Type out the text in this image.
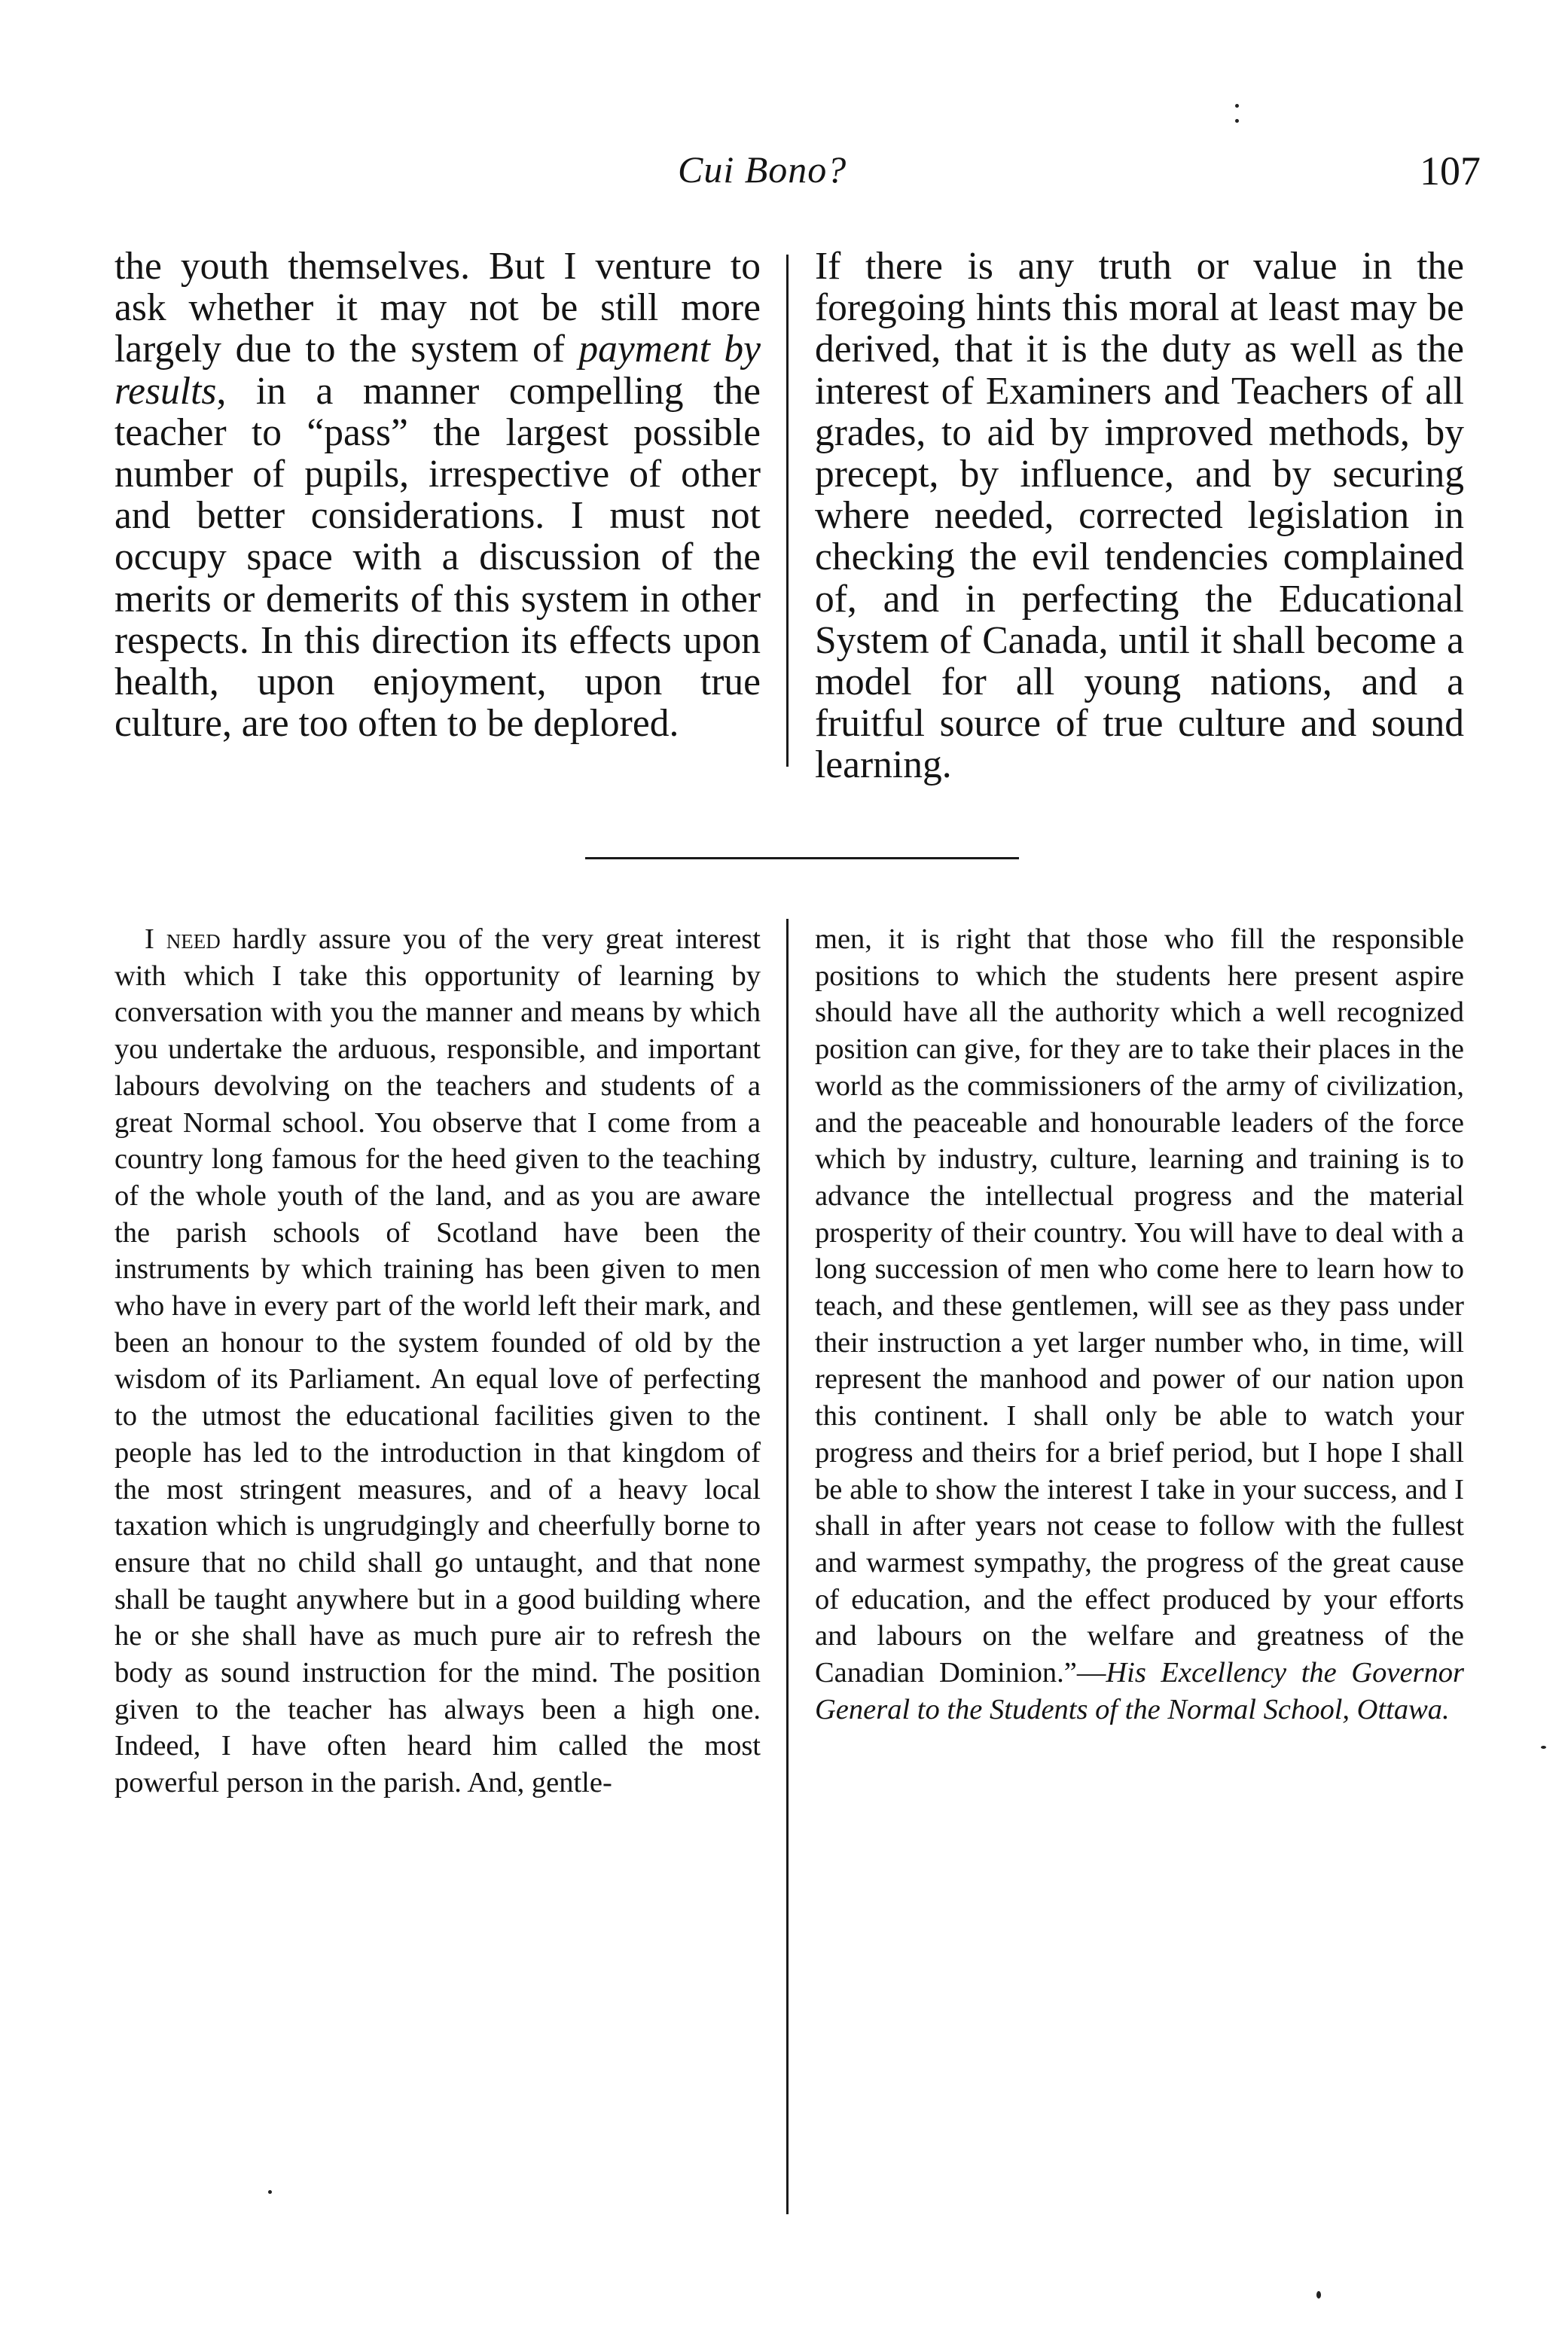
Cui Bono?	107

the youth themselves. But I venture to ask whether it may not be still more largely due to the system of payment by results, in a manner compelling the teacher to “pass” the largest possible number of pupils, irrespective of other and better considerations. I must not occupy space with a discussion of the merits or demerits of this system in other respects. In this direction its effects upon health, upon enjoyment, upon true culture, are too often to be deplored.

If there is any truth or value in the foregoing hints this moral at least may be derived, that it is the duty as well as the interest of Examiners and Teachers of all grades, to aid by improved methods, by precept, by influence, and by securing where needed, corrected legislation in checking the evil tendencies complained of, and in perfecting the Educational System of Canada, until it shall become a model for all young nations, and a fruitful source of true culture and sound learning.

I need hardly assure you of the very great interest with which I take this opportunity of learning by conversation with you the manner and means by which you undertake the arduous, responsible, and important labours devolving on the teachers and students of a great Normal school. You observe that I come from a country long famous for the heed given to the teaching of the whole youth of the land, and as you are aware the parish schools of Scotland have been the instruments by which training has been given to men who have in every part of the world left their mark, and been an honour to the system founded of old by the wisdom of its Parliament. An equal love of perfecting to the utmost the educational facilities given to the people has led to the introduction in that kingdom of the most stringent measures, and of a heavy local taxation which is ungrudgingly and cheerfully borne to ensure that no child shall go untaught, and that none shall be taught anywhere but in a good building where he or she shall have as much pure air to refresh the body as sound instruction for the mind. The position given to the teacher has always been a high one. Indeed, I have often heard him called the most powerful person in the parish. And, gentle-

men, it is right that those who fill the responsible positions to which the students here present aspire should have all the authority which a well recognized position can give, for they are to take their places in the world as the commissioners of the army of civilization, and the peaceable and honourable leaders of the force which by industry, culture, learning and training is to advance the intellectual progress and the material prosperity of their country. You will have to deal with a long succession of men who come here to learn how to teach, and these gentlemen, will see as they pass under their instruction a yet larger number who, in time, will represent the manhood and power of our nation upon this continent. I shall only be able to watch your progress and theirs for a brief period, but I hope I shall be able to show the interest I take in your success, and I shall in after years not cease to follow with the fullest and warmest sympathy, the progress of the great cause of education, and the effect produced by your efforts and labours on the welfare and greatness of the Canadian Dominion.”—His Excellency the Governor General to the Students of the Normal School, Ottawa.
